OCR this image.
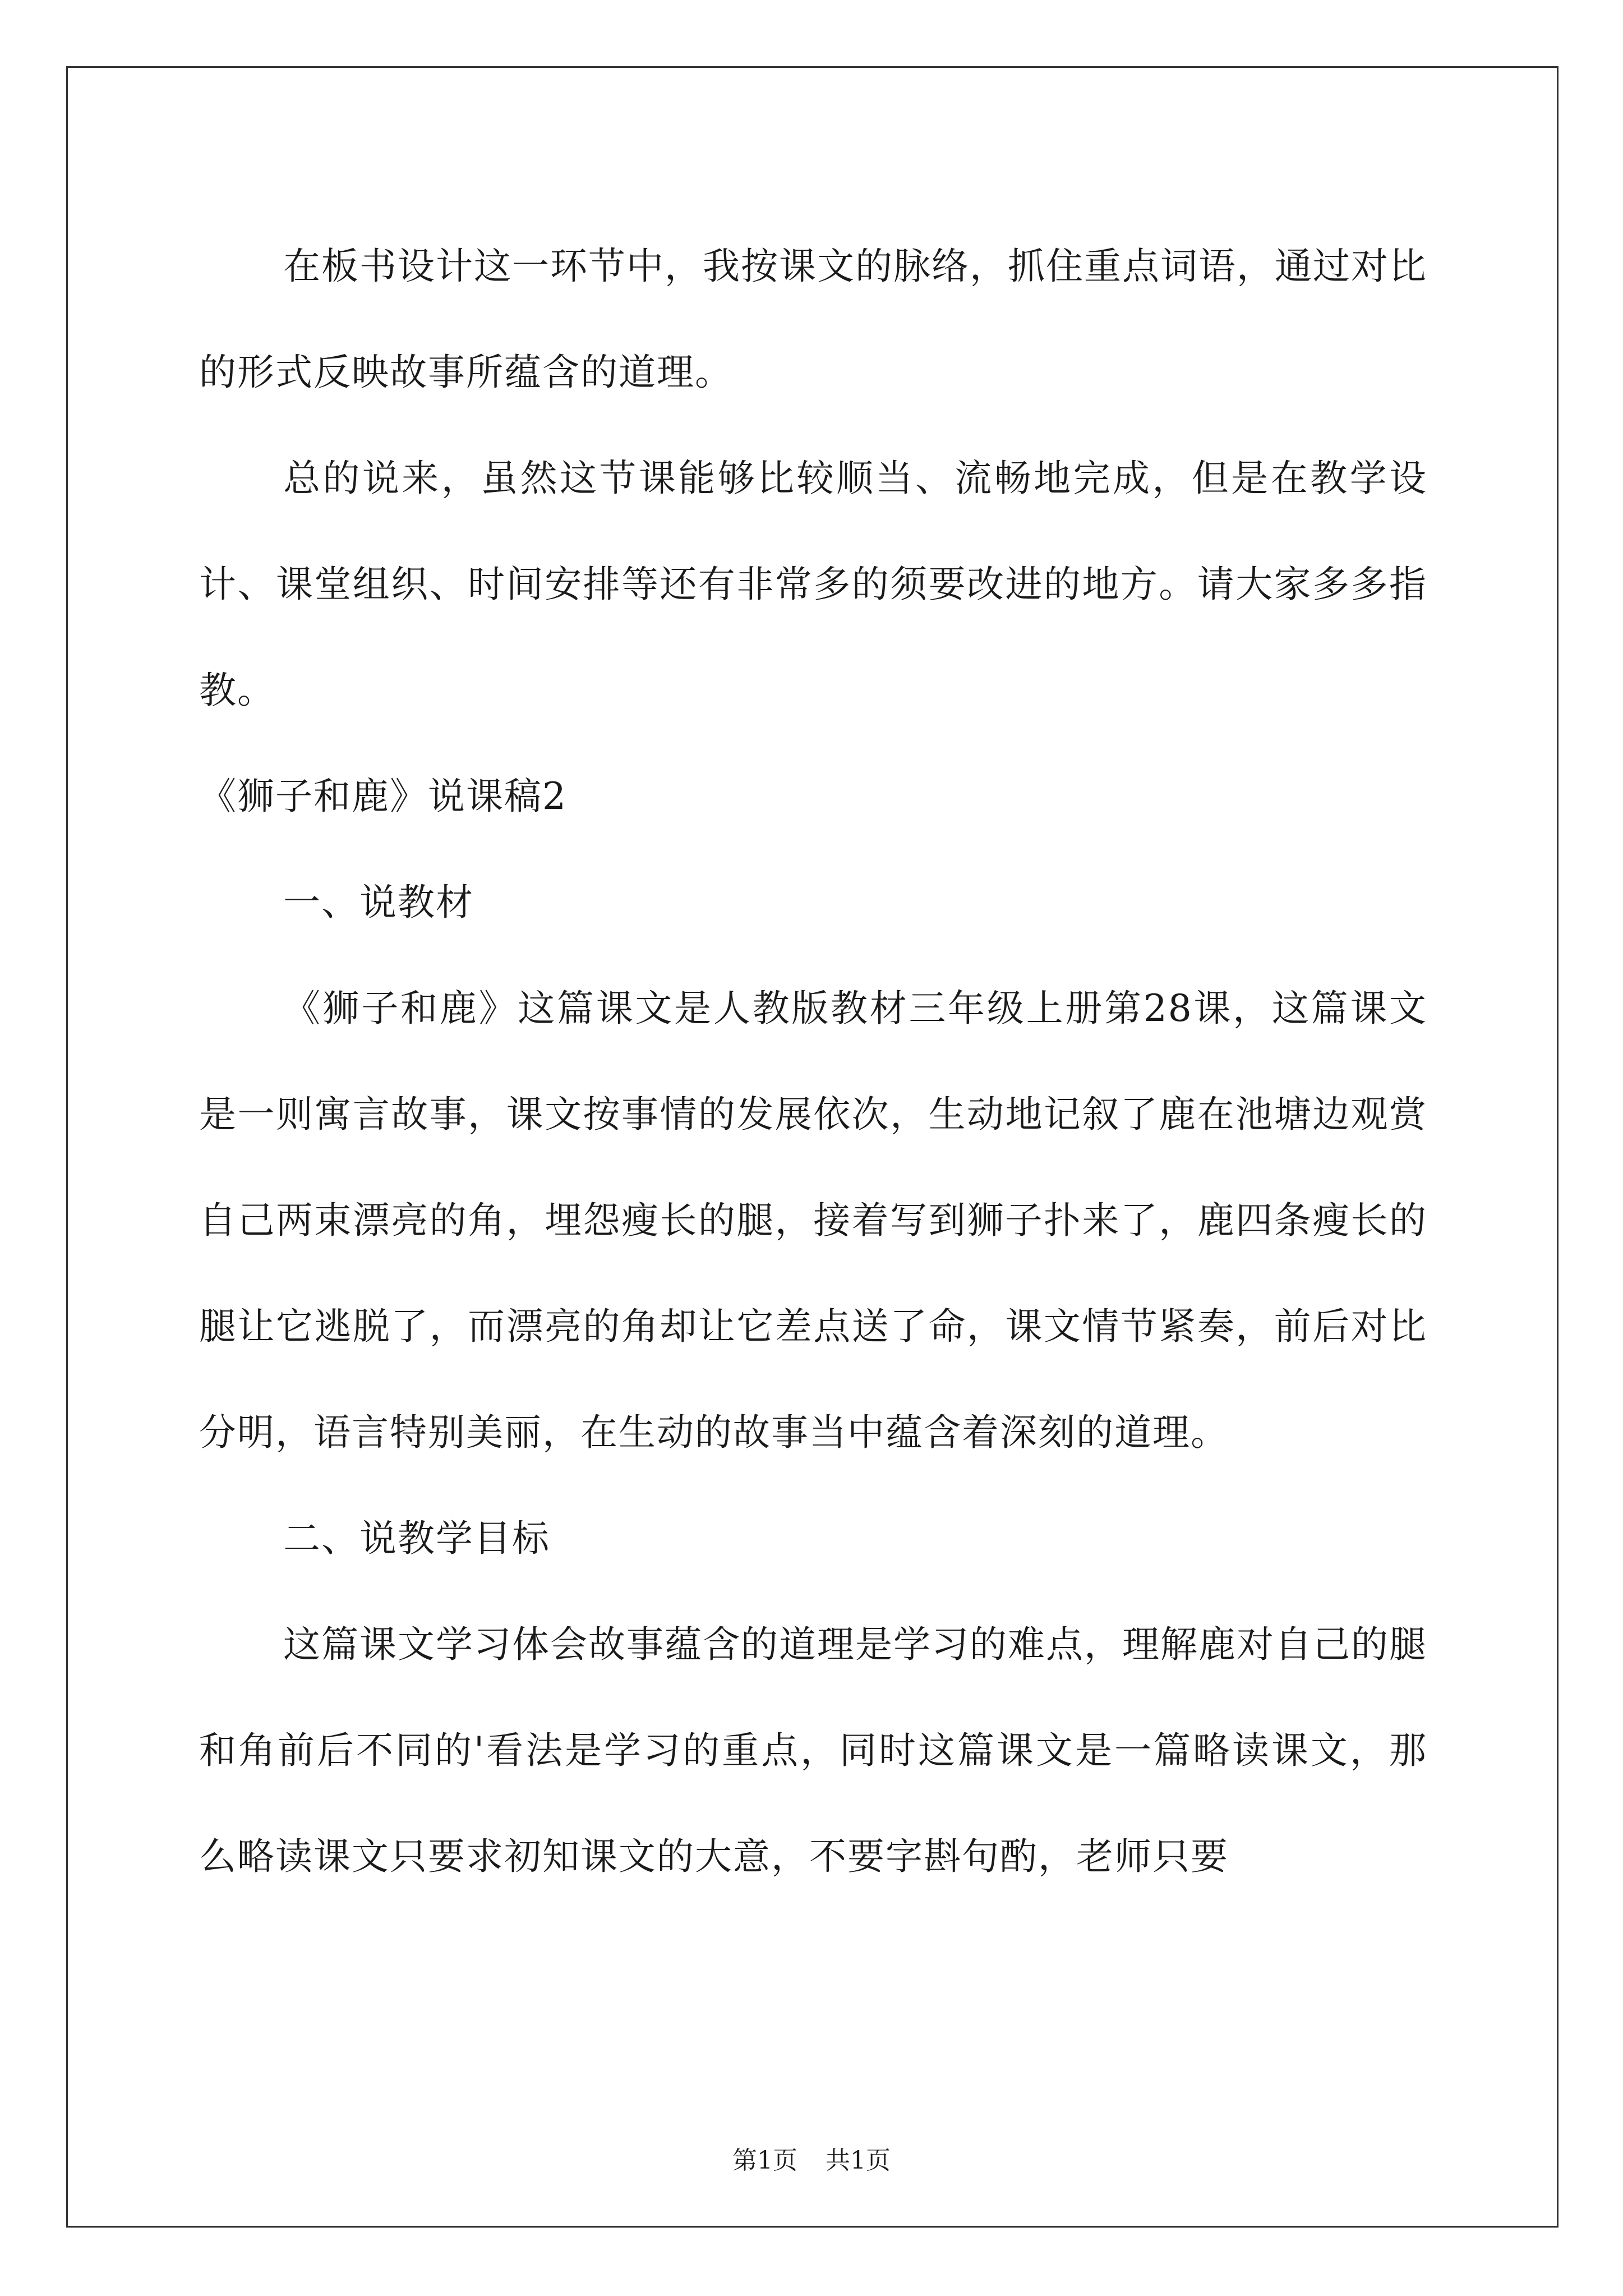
在板书设计这一环节中，我按课文的脉络，抓住重点词语，通过对比的形式反映故事所蕴含的道理。

总的说来，虽然这节课能够比较顺当、流畅地完成，但是在教学设计、课堂组织、时间安排等还有非常多的须要改进的地方。请大家多多指教。

《狮子和鹿》说课稿2

一、说教材

《狮子和鹿》这篇课文是人教版教材三年级上册第28课，这篇课文是一则寓言故事，课文按事情的发展依次，生动地记叙了鹿在池塘边观赏自己两束漂亮的角，埋怨瘦长的腿，接着写到狮子扑来了，鹿四条瘦长的腿让它逃脱了，而漂亮的角却让它差点送了命，课文情节紧奏，前后对比分明，语言特别美丽，在生动的故事当中蕴含着深刻的道理。

二、说教学目标

这篇课文学习体会故事蕴含的道理是学习的难点，理解鹿对自己的腿和角前后不同的'看法是学习的重点，同时这篇课文是一篇略读课文，那么略读课文只要求初知课文的大意，不要字斟句酌，老师只要

第1页 共1页
